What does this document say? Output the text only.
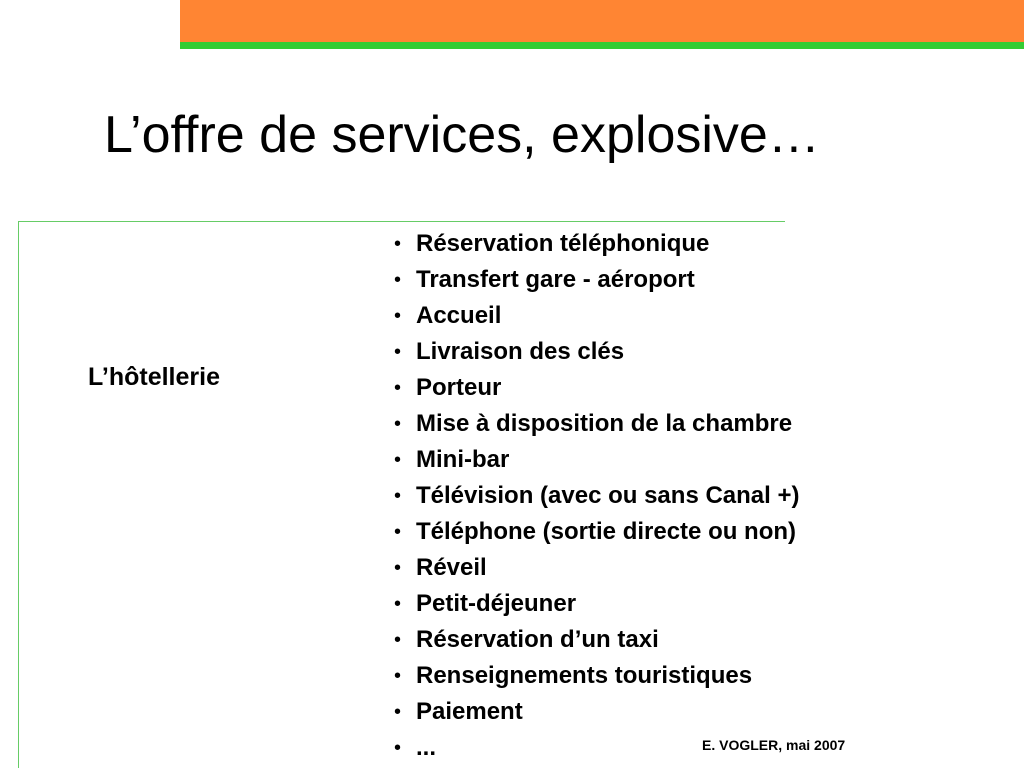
L’offre de services, explosive…
L’hôtellerie
• Réservation téléphonique
• Transfert gare - aéroport
• Accueil
• Livraison des clés
• Porteur
• Mise à disposition de la chambre
• Mini-bar
• Télévision (avec ou sans Canal +)
• Téléphone (sortie directe ou non)
• Réveil
• Petit-déjeuner
• Réservation d’un taxi
• Renseignements touristiques
• Paiement
• ...	E. VOGLER, mai 2007
